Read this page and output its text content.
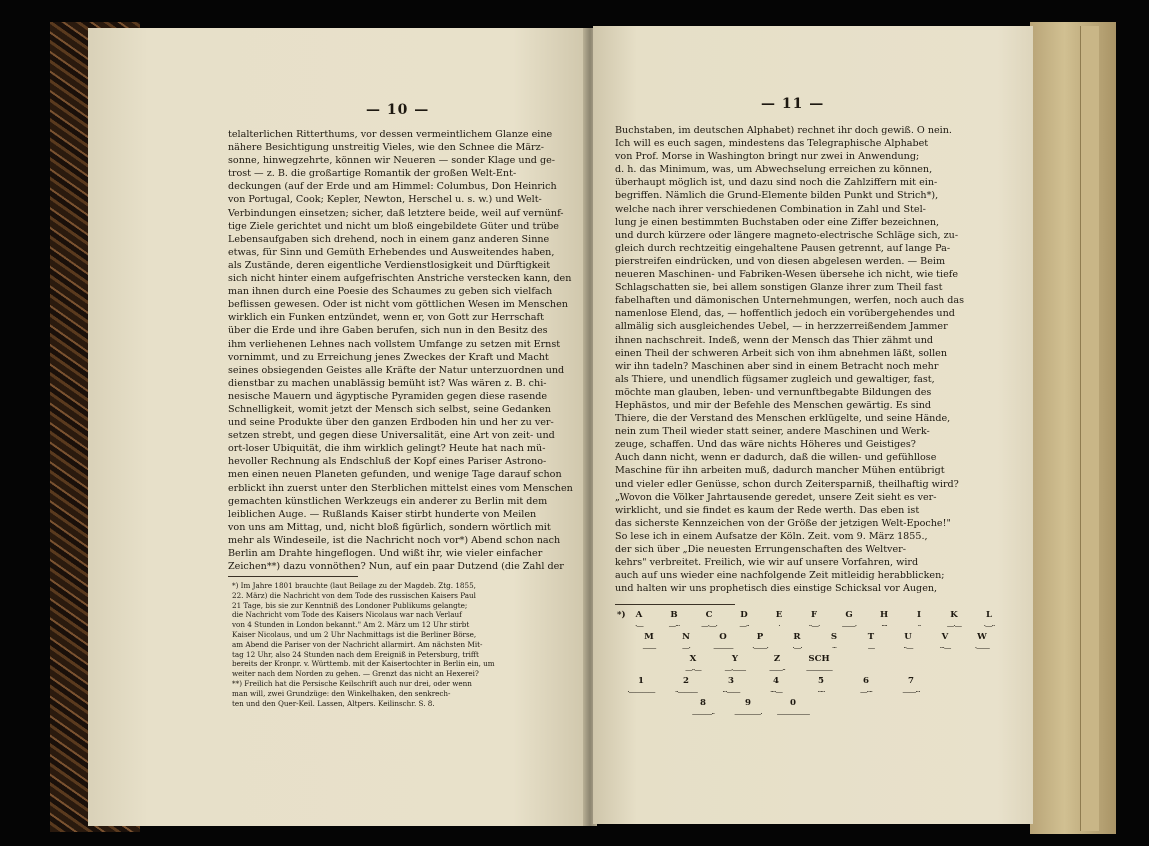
— 10 —
telalterlichen Ritterthums, vor dessen vermeintlichem Glanze eine
nähere Besichtigung unstreitig Vieles, wie den Schnee die März-
sonne, hinwegzehrte, können wir Neueren — sonder Klage und ge-
trost — z. B. die großartige Romantik der großen Welt-Ent-
deckungen (auf der Erde und am Himmel: Columbus, Don Heinrich
von Portugal, Cook; Kepler, Newton, Herschel u. s. w.) und Welt-
Verbindungen einsetzen; sicher, daß letztere beide, weil auf vernünf-
tige Ziele gerichtet und nicht um bloß eingebildete Güter und trübe
Lebensaufgaben sich drehend, noch in einem ganz anderen Sinne
etwas, für Sinn und Gemüth Erhebendes und Ausweitendes haben,
als Zustände, deren eigentliche Verdienstlosigkeit und Dürftigkeit
sich nicht hinter einem aufgefrischten Anstriche verstecken kann, den
man ihnen durch eine Poesie des Schaumes zu geben sich vielfach
beflissen gewesen. Oder ist nicht vom göttlichen Wesen im Menschen
wirklich ein Funken entzündet, wenn er, von Gott zur Herrschaft
über die Erde und ihre Gaben berufen, sich nun in den Besitz des
ihm verliehenen Lehnes nach vollstem Umfange zu setzen mit Ernst
vornimmt, und zu Erreichung jenes Zweckes der Kraft und Macht
seines obsiegenden Geistes alle Kräfte der Natur unterzuordnen und
dienstbar zu machen unablässig bemüht ist? Was wären z. B. chi-
nesische Mauern und ägyptische Pyramiden gegen diese rasende
Schnelligkeit, womit jetzt der Mensch sich selbst, seine Gedanken
und seine Produkte über den ganzen Erdboden hin und her zu ver-
setzen strebt, und gegen diese Universalität, eine Art von zeit- und
ort-loser Ubiquität, die ihm wirklich gelingt? Heute hat nach mü-
hevoller Rechnung als Endschluß der Kopf eines Pariser Astrono-
men einen neuen Planeten gefunden, und wenige Tage darauf schon
erblickt ihn zuerst unter den Sterblichen mittelst eines vom Menschen
gemachten künstlichen Werkzeugs ein anderer zu Berlin mit dem
leiblichen Auge. — Rußlands Kaiser stirbt hunderte von Meilen
von uns am Mittag, und, nicht bloß figürlich, sondern wörtlich mit
mehr als Windeseile, ist die Nachricht noch vor*) Abend schon nach
Berlin am Drahte hingeflogen. Und wißt ihr, wie vieler einfacher
Zeichen**) dazu vonnöthen? Nun, auf ein paar Dutzend (die Zahl der
*) Im Jahre 1801 brauchte (laut Beilage zu der Magdeb. Ztg. 1855,
22. März) die Nachricht von dem Tode des russischen Kaisers Paul
21 Tage, bis sie zur Kenntniß des Londoner Publikums gelangte;
die Nachricht vom Tode des Kaisers Nicolaus war nach Verlauf
von 4 Stunden in London bekannt." Am 2. März um 12 Uhr stirbt
Kaiser Nicolaus, und um 2 Uhr Nachmittags ist die Berliner Börse,
am Abend die Pariser von der Nachricht allarmirt. Am nächsten Mit-
tag 12 Uhr, also 24 Stunden nach dem Ereigniß in Petersburg, trifft
bereits der Kronpr. v. Württemb. mit der Kaisertochter in Berlin ein, um
weiter nach dem Norden zu gehen. — Grenzt das nicht an Hexerei?
**) Freilich hat die Persische Keilschrift auch nur drei, oder wenn
man will, zwei Grundzüge: den Winkelhaken, den senkrech-
ten und den Quer-Keil. Lassen, Altpers. Keilinschr. S. 8.
— 11 —
Buchstaben, im deutschen Alphabet) rechnet ihr doch gewiß. O nein.
Ich will es euch sagen, mindestens das Telegraphische Alphabet
von Prof. Morse in Washington bringt nur zwei in Anwendung;
d. h. das Minimum, was, um Abwechselung erreichen zu können,
überhaupt möglich ist, und dazu sind noch die Zahlziffern mit ein-
begriffen. Nämlich die Grund-Elemente bilden Punkt und Strich*),
welche nach ihrer verschiedenen Combination in Zahl und Stel-
lung je einen bestimmten Buchstaben oder eine Ziffer bezeichnen,
und durch kürzere oder längere magneto-electrische Schläge sich, zu-
gleich durch rechtzeitig eingehaltene Pausen getrennt, auf lange Pa-
pierstreifen eindrücken, und von diesen abgelesen werden. — Beim
neueren Maschinen- und Fabriken-Wesen übersehe ich nicht, wie tiefe
Schlagschatten sie, bei allem sonstigen Glanze ihrer zum Theil fast
fabelhaften und dämonischen Unternehmungen, werfen, noch auch das
namenlose Elend, das, — hoffentlich jedoch ein vorübergehendes und
allmälig sich ausgleichendes Uebel, — in herzzerreißendem Jammer
ihnen nachschreit. Indeß, wenn der Mensch das Thier zähmt und
einen Theil der schweren Arbeit sich von ihm abnehmen läßt, sollen
wir ihn tadeln? Maschinen aber sind in einem Betracht noch mehr
als Thiere, und unendlich fügsamer zugleich und gewaltiger, fast,
möchte man glauben, leben- und vernunftbegabte Bildungen des
Hephästos, und mir der Befehle des Menschen gewärtig. Es sind
Thiere, die der Verstand des Menschen erklügelte, und seine Hände,
nein zum Theil wieder statt seiner, andere Maschinen und Werk-
zeuge, schaffen. Und das wäre nichts Höheres und Geistiges?
Auch dann nicht, wenn er dadurch, daß die willen- und gefühllose
Maschine für ihn arbeiten muß, dadurch mancher Mühen entübrigt
und vieler edler Genüsse, schon durch Zeitersparniß, theilhaftig wird?
„Wovon die Völker Jahrtausende geredet, unsere Zeit sieht es ver-
wirklicht, und sie findet es kaum der Rede werth. Das eben ist
das sicherste Kennzeichen von der Größe der jetzigen Welt-Epoche!"
So lese ich in einem Aufsatze der Köln. Zeit. vom 9. März 1855.,
der sich über „Die neuesten Errungenschaften des Weltver-
kehrs" verbreitet. Freilich, wie wir auf unsere Vorfahren, wird
auch auf uns wieder eine nachfolgende Zeit mitleidig herabblicken;
und halten wir uns prophetisch dies einstige Schicksal vor Augen,
*)	A
·—
B
—···
C
—·—·
D
—··
E
·
F
··—·
G
——·
H
····
I
··
K
—·—
L
·—··
M
——
N
—·
O
———
P
·——·
R
·—·
S
···
T
—
U
··—
V
···—
W
·——
X
—··—
Y
—·——
Z
——··
SCH
————
1
·————
2
··———
3
···——
4
····—
5
·····
6
—····
7
——···
8
———··
9
————·
0
—————
